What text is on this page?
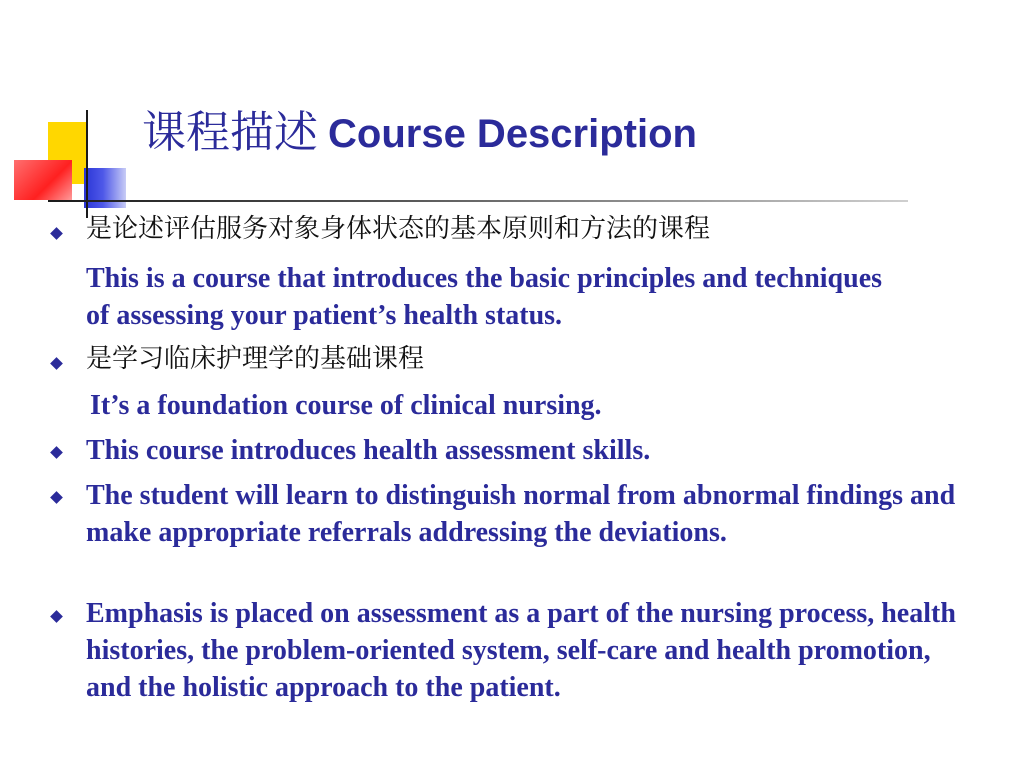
课程描述 Course Description

是论述评估服务对象身体状态的基本原则和方法的课程

This is a course that introduces the basic principles and techniques of assessing your patient’s health status.

是学习临床护理学的基础课程

It’s a foundation course of clinical nursing.

This course introduces health assessment skills.

The student will learn to distinguish normal from abnormal findings and make appropriate referrals addressing the deviations.

Emphasis is placed on assessment as a part of the nursing process, health histories, the problem-oriented system, self-care and health promotion, and the holistic approach to the patient.
